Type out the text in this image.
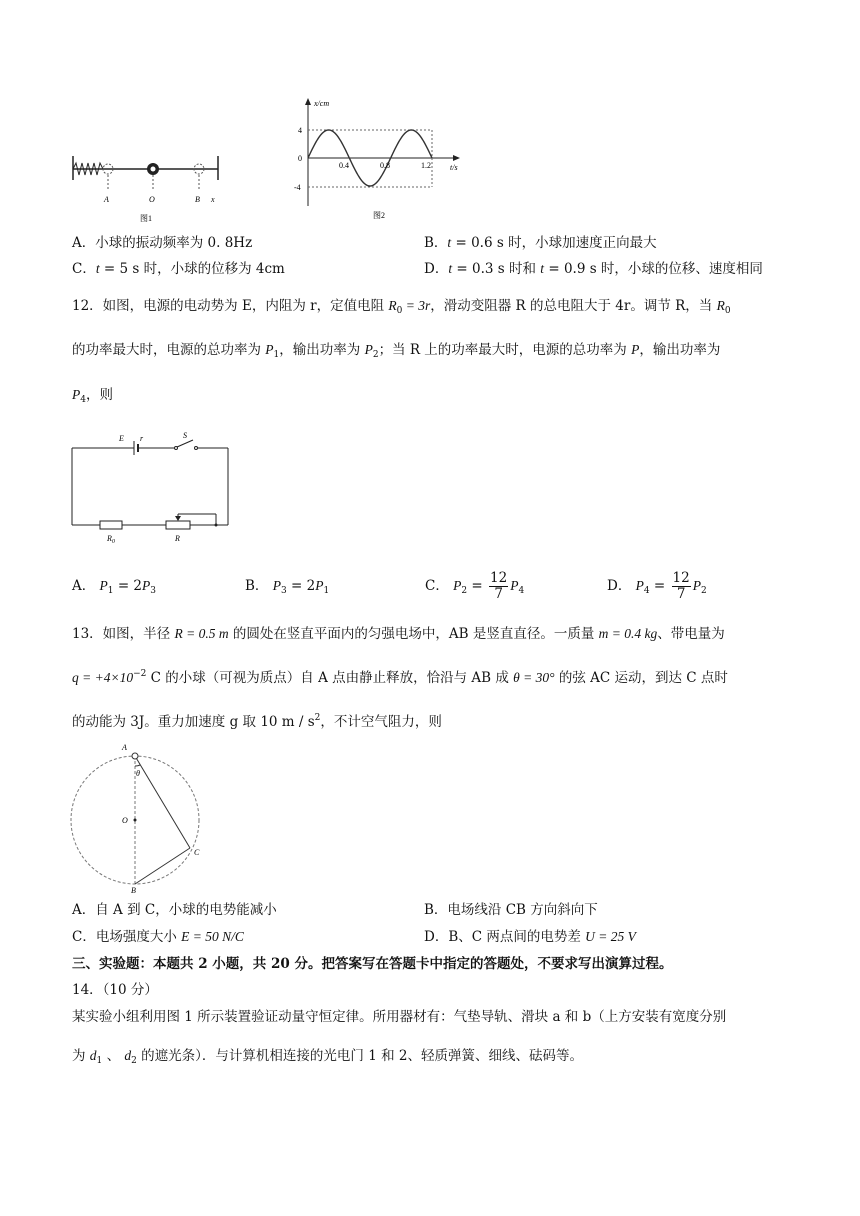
A	O	B x
图1
x/cm
t/s
4
-4
0
0.4	0.8	1.2
图2
A．小球的振动频率为 0. 8Hz	B．t = 0.6 s 时，小球加速度正向最大
C．t = 5 s 时，小球的位移为 4cm	D．t = 0.3 s 时和 t = 0.9 s 时，小球的位移、速度相同
12．如图，电源的电动势为 E，内阻为 r，定值电阻 $R_0 = 3r$，滑动变阻器 R 的总电阻大于 4r。调节 R，当 $R_0$
的功率最大时，电源的总功率为 $P_1$，输出功率为 $P_2$；当 R 上的功率最大时，电源的总功率为 P，输出功率为
$P_4$，则
E r	S
$R_0$	R
A． $P_1 = 2P_3$	B． $P_3 = 2P_1$	C． $P_2 = \frac{12}{7} P_4$	D． $P_4 = \frac{12}{7} P_2$
13．如图，半径 R = 0.5 m 的圆处在竖直平面内的匀强电场中，AB 是竖直直径。一质量 m = 0.4 kg、带电量为
$q = +4\times 10^{-2}$ C 的小球（可视为质点）自 A 点由静止释放，恰沿与 AB 成 θ = 30° 的弦 AC 运动，到达 C 点时
的动能为 3J。重力加速度 g 取 10 m / $s^2$，不计空气阻力，则
A
θ
O
C
B
A．自 A 到 C，小球的电势能减小	B．电场线沿 CB 方向斜向下
C．电场强度大小 E = 50 N/C	D．B、C 两点间的电势差 U = 25 V
三、实验题：本题共 2 小题，共 20 分。把答案写在答题卡中指定的答题处，不要求写出演算过程。
14．（10 分）
某实验小组利用图 1 所示装置验证动量守恒定律。所用器材有：气垫导轨、滑块 a 和 b（上方安装有宽度分别
为 $d_1$ 、 $d_2$ 的遮光条）．与计算机相连接的光电门 1 和 2、轻质弹簧、细线、砝码等。
